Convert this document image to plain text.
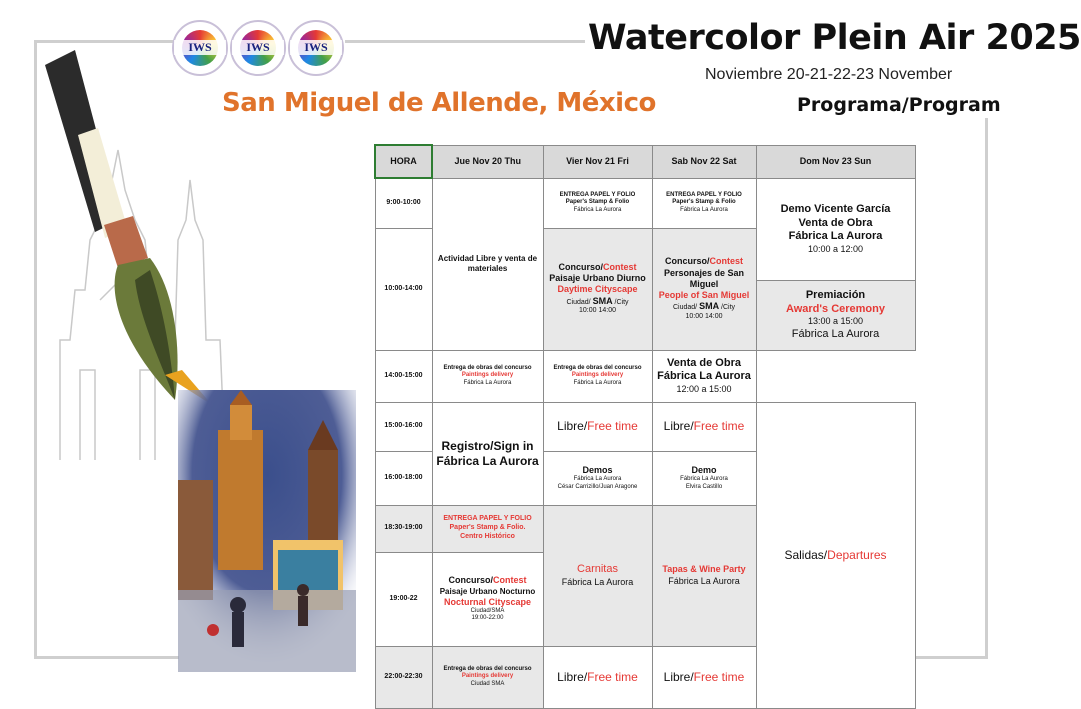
IWS	IWS	IWS	Watercolor Plein Air 2025
Noviembre 20-21-22-23 November
Programa/Program
San Miguel de Allende, México
HORA	Jue Nov 20 Thu	Vier Nov 21 Fri	Sab Nov 22 Sat	Dom Nov 23 Sun
9:00-10:00	Actividad Libre y venta de materiales	ENTREGA PAPEL Y FOLIO
Paper's Stamp & Folio
Fábrica La Aurora	ENTREGA PAPEL Y FOLIO
Paper's Stamp & Folio
Fábrica La Aurora	Demo Vicente García
Venta de Obra
Fábrica La Aurora
10:00 a 12:00

10:00-14:00		Concurso/Contest
Paisaje Urbano Diurno
Daytime Cityscape
Ciudad/ SMA /City
10:00 14:00	Concurso/Contest
Personajes de San Miguel
People of San Miguel
Ciudad/ SMA /City
10:00 14:00	

				Premiación
Award's Ceremony
13:00 a 15:00
Fábrica La Aurora

14:00-15:00	Entrega de obras del concurso
Paintings delivery
Fábrica La Aurora	Entrega de obras del concurso
Paintings delivery
Fábrica La Aurora	Venta de Obra
Fábrica La Aurora
12:00 a 15:00	

15:00-16:00	Registro/Sign in
Fábrica La Aurora	Libre/Free time	Libre/Free time	Salidas/Departures
16:00-18:00		Demos
Fábrica La Aurora
César Carrizillo/Juan Aragone	Demo
Fábrica La Aurora
Elvira Castillo	

18:30-19:00	ENTREGA PAPEL Y FOLIO
Paper's Stamp & Folio.
Centro Histórico	Carnitas
Fábrica La Aurora	Tapas & Wine Party
Fábrica La Aurora	

19:00-22	Concurso/Contest
Paisaje Urbano Nocturno
Nocturnal Cityscape
Ciudad/SMA
19:00-22:00			

22:00-22:30	Entrega de obras del concurso
Paintings delivery
Ciudad SMA	Libre/Free time	Libre/Free time	
